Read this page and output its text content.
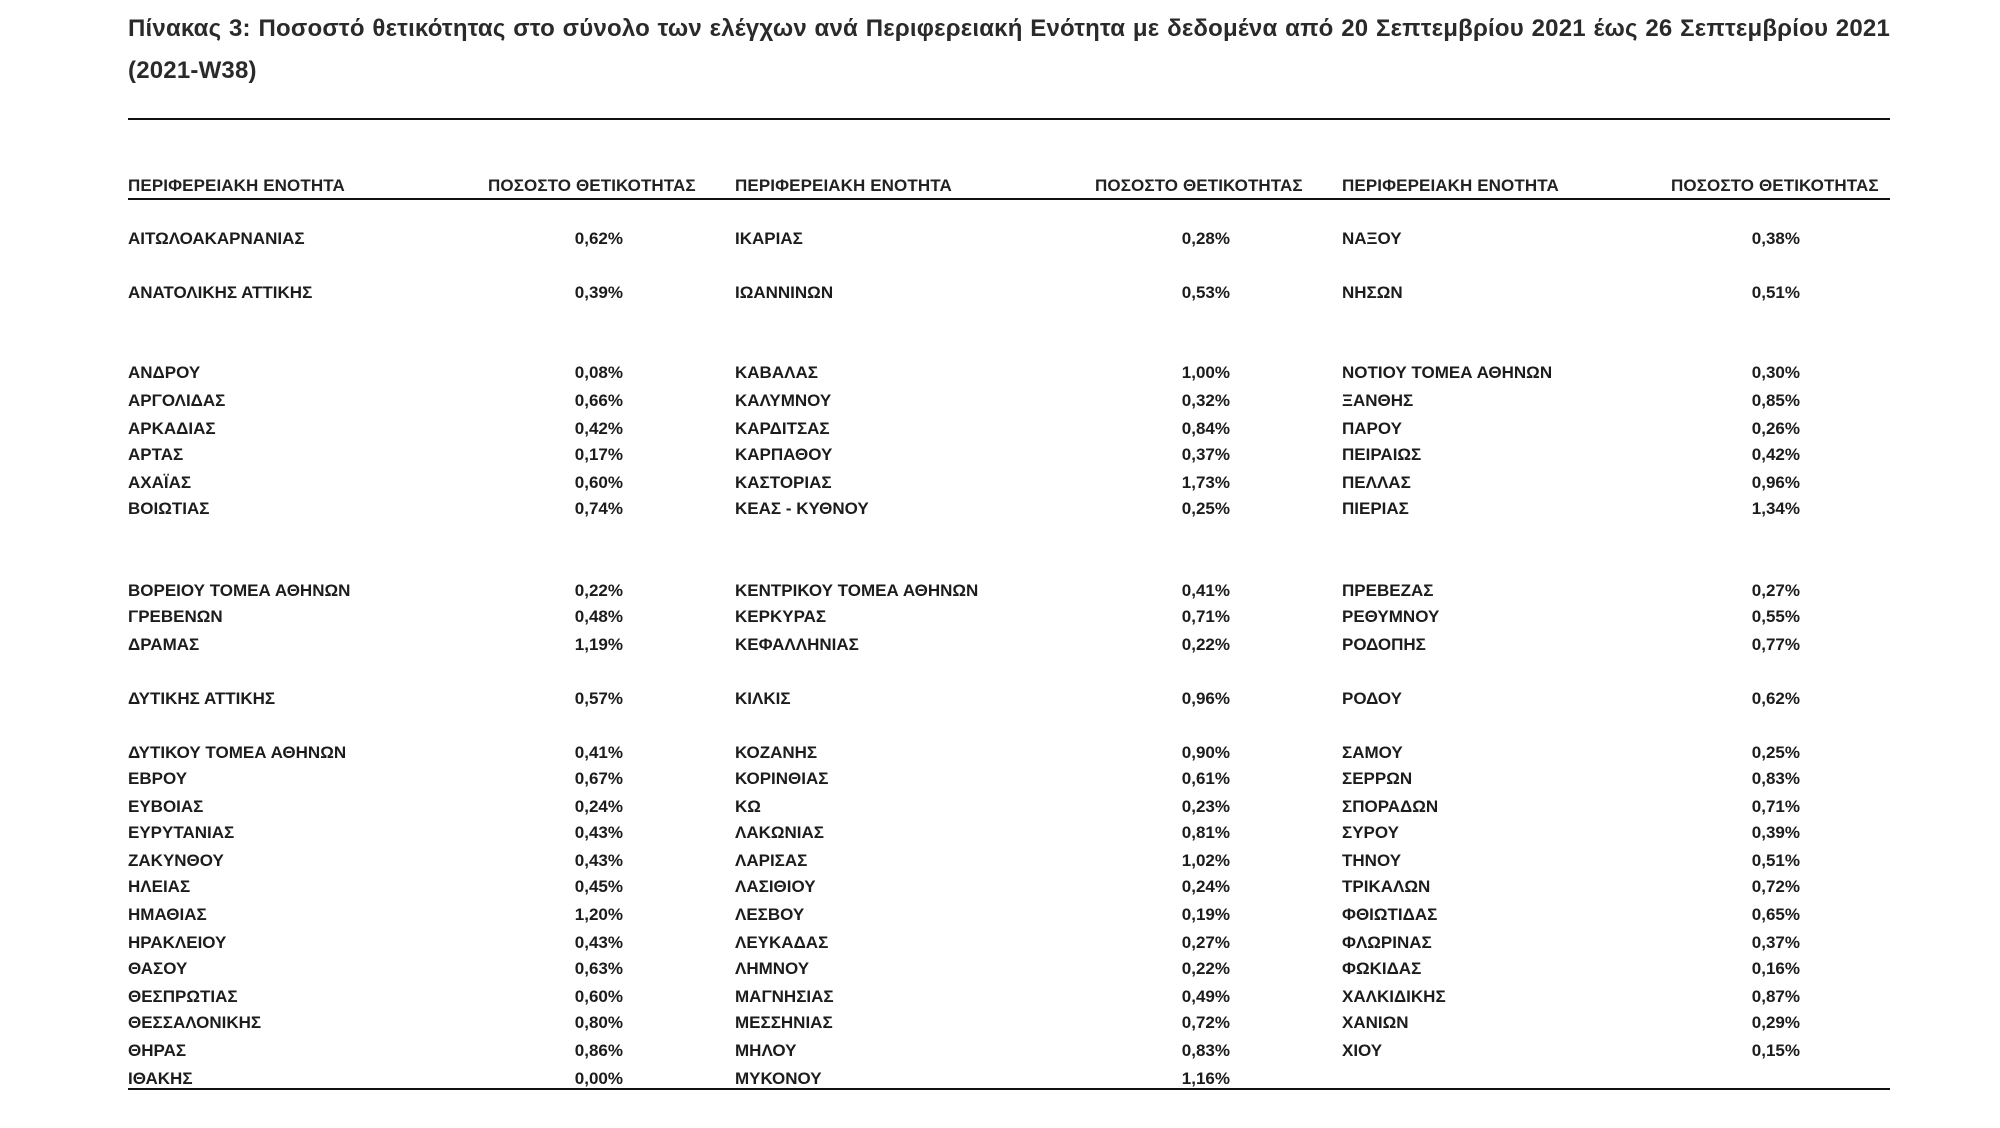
Πίνακας 3: Ποσοστό θετικότητας στο σύνολο των ελέγχων ανά Περιφερειακή Ενότητα με δεδομένα από 20 Σεπτεμβρίου 2021 έως 26 Σεπτεμβρίου 2021 (2021-W38)
ΠΕΡΙΦΕΡΕΙΑΚΗ ΕΝΟΤΗΤΑ	ΠΟΣΟΣΤΟ ΘΕΤΙΚΟΤΗΤΑΣ
ΑΙΤΩΛΟΑΚΑΡΝΑΝΙΑΣ	0,62%
ΑΝΑΤΟΛΙΚΗΣ ΑΤΤΙΚΗΣ	0,39%
ΑΝΔΡΟΥ	0,08%
ΑΡΓΟΛΙΔΑΣ	0,66%
ΑΡΚΑΔΙΑΣ	0,42%
ΑΡΤΑΣ	0,17%
ΑΧΑΪΑΣ	0,60%
ΒΟΙΩΤΙΑΣ	0,74%
ΒΟΡΕΙΟΥ ΤΟΜΕΑ ΑΘΗΝΩΝ	0,22%
ΓΡΕΒΕΝΩΝ	0,48%
ΔΡΑΜΑΣ	1,19%
ΔΥΤΙΚΗΣ ΑΤΤΙΚΗΣ	0,57%
ΔΥΤΙΚΟΥ ΤΟΜΕΑ ΑΘΗΝΩΝ	0,41%
ΕΒΡΟΥ	0,67%
ΕΥΒΟΙΑΣ	0,24%
ΕΥΡΥΤΑΝΙΑΣ	0,43%
ΖΑΚΥΝΘΟΥ	0,43%
ΗΛΕΙΑΣ	0,45%
ΗΜΑΘΙΑΣ	1,20%
ΗΡΑΚΛΕΙΟΥ	0,43%
ΘΑΣΟΥ	0,63%
ΘΕΣΠΡΩΤΙΑΣ	0,60%
ΘΕΣΣΑΛΟΝΙΚΗΣ	0,80%
ΘΗΡΑΣ	0,86%
ΙΘΑΚΗΣ	0,00%
ΠΕΡΙΦΕΡΕΙΑΚΗ ΕΝΟΤΗΤΑ	ΠΟΣΟΣΤΟ ΘΕΤΙΚΟΤΗΤΑΣ
ΙΚΑΡΙΑΣ	0,28%
ΙΩΑΝΝΙΝΩΝ	0,53%
ΚΑΒΑΛΑΣ	1,00%
ΚΑΛΥΜΝΟΥ	0,32%
ΚΑΡΔΙΤΣΑΣ	0,84%
ΚΑΡΠΑΘΟΥ	0,37%
ΚΑΣΤΟΡΙΑΣ	1,73%
ΚΕΑΣ - ΚΥΘΝΟΥ	0,25%
ΚΕΝΤΡΙΚΟΥ ΤΟΜΕΑ ΑΘΗΝΩΝ	0,41%
ΚΕΡΚΥΡΑΣ	0,71%
ΚΕΦΑΛΛΗΝΙΑΣ	0,22%
ΚΙΛΚΙΣ	0,96%
ΚΟΖΑΝΗΣ	0,90%
ΚΟΡΙΝΘΙΑΣ	0,61%
ΚΩ	0,23%
ΛΑΚΩΝΙΑΣ	0,81%
ΛΑΡΙΣΑΣ	1,02%
ΛΑΣΙΘΙΟΥ	0,24%
ΛΕΣΒΟΥ	0,19%
ΛΕΥΚΑΔΑΣ	0,27%
ΛΗΜΝΟΥ	0,22%
ΜΑΓΝΗΣΙΑΣ	0,49%
ΜΕΣΣΗΝΙΑΣ	0,72%
ΜΗΛΟΥ	0,83%
ΜΥΚΟΝΟΥ	1,16%
ΠΕΡΙΦΕΡΕΙΑΚΗ ΕΝΟΤΗΤΑ	ΠΟΣΟΣΤΟ ΘΕΤΙΚΟΤΗΤΑΣ
ΝΑΞΟΥ	0,38%
ΝΗΣΩΝ	0,51%
ΝΟΤΙΟΥ ΤΟΜΕΑ ΑΘΗΝΩΝ	0,30%
ΞΑΝΘΗΣ	0,85%
ΠΑΡΟΥ	0,26%
ΠΕΙΡΑΙΩΣ	0,42%
ΠΕΛΛΑΣ	0,96%
ΠΙΕΡΙΑΣ	1,34%
ΠΡΕΒΕΖΑΣ	0,27%
ΡΕΘΥΜΝΟΥ	0,55%
ΡΟΔΟΠΗΣ	0,77%
ΡΟΔΟΥ	0,62%
ΣΑΜΟΥ	0,25%
ΣΕΡΡΩΝ	0,83%
ΣΠΟΡΑΔΩΝ	0,71%
ΣΥΡΟΥ	0,39%
ΤΗΝΟΥ	0,51%
ΤΡΙΚΑΛΩΝ	0,72%
ΦΘΙΩΤΙΔΑΣ	0,65%
ΦΛΩΡΙΝΑΣ	0,37%
ΦΩΚΙΔΑΣ	0,16%
ΧΑΛΚΙΔΙΚΗΣ	0,87%
ΧΑΝΙΩΝ	0,29%
ΧΙΟΥ	0,15%
